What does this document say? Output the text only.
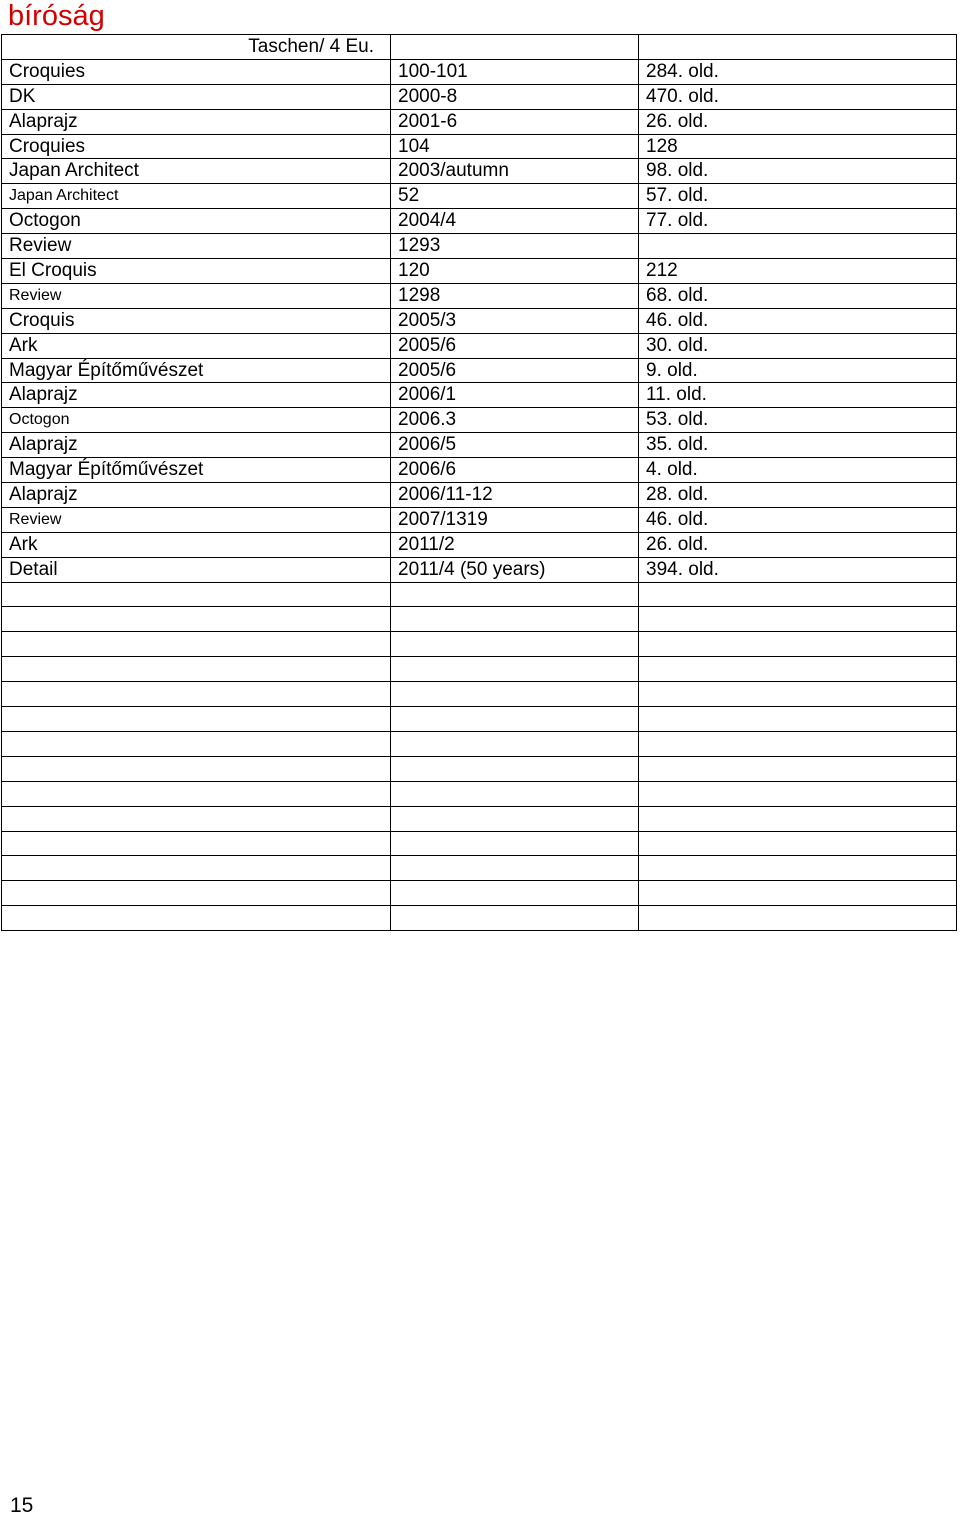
bíróság
Taschen/ 4 Eu.		
Croquies	100-101	284. old.
DK	2000-8	470. old.
Alaprajz	2001-6	26. old.
Croquies	104	128
Japan Architect	2003/autumn	98. old.
Japan Architect	52	57. old.
Octogon	2004/4	77. old.
Review	1293	
El Croquis	120	212
Review	1298	68. old.
Croquis	2005/3	46. old.
Ark	2005/6	30. old.
Magyar Építőművészet	2005/6	9. old.
Alaprajz	2006/1	11. old.
Octogon	2006.3	53. old.
Alaprajz	2006/5	35. old.
Magyar Építőművészet	2006/6	4. old.
Alaprajz	2006/11-12	28. old.
Review	2007/1319	46. old.
Ark	2011/2	26. old.
Detail	2011/4 (50 years)	394. old.

15
